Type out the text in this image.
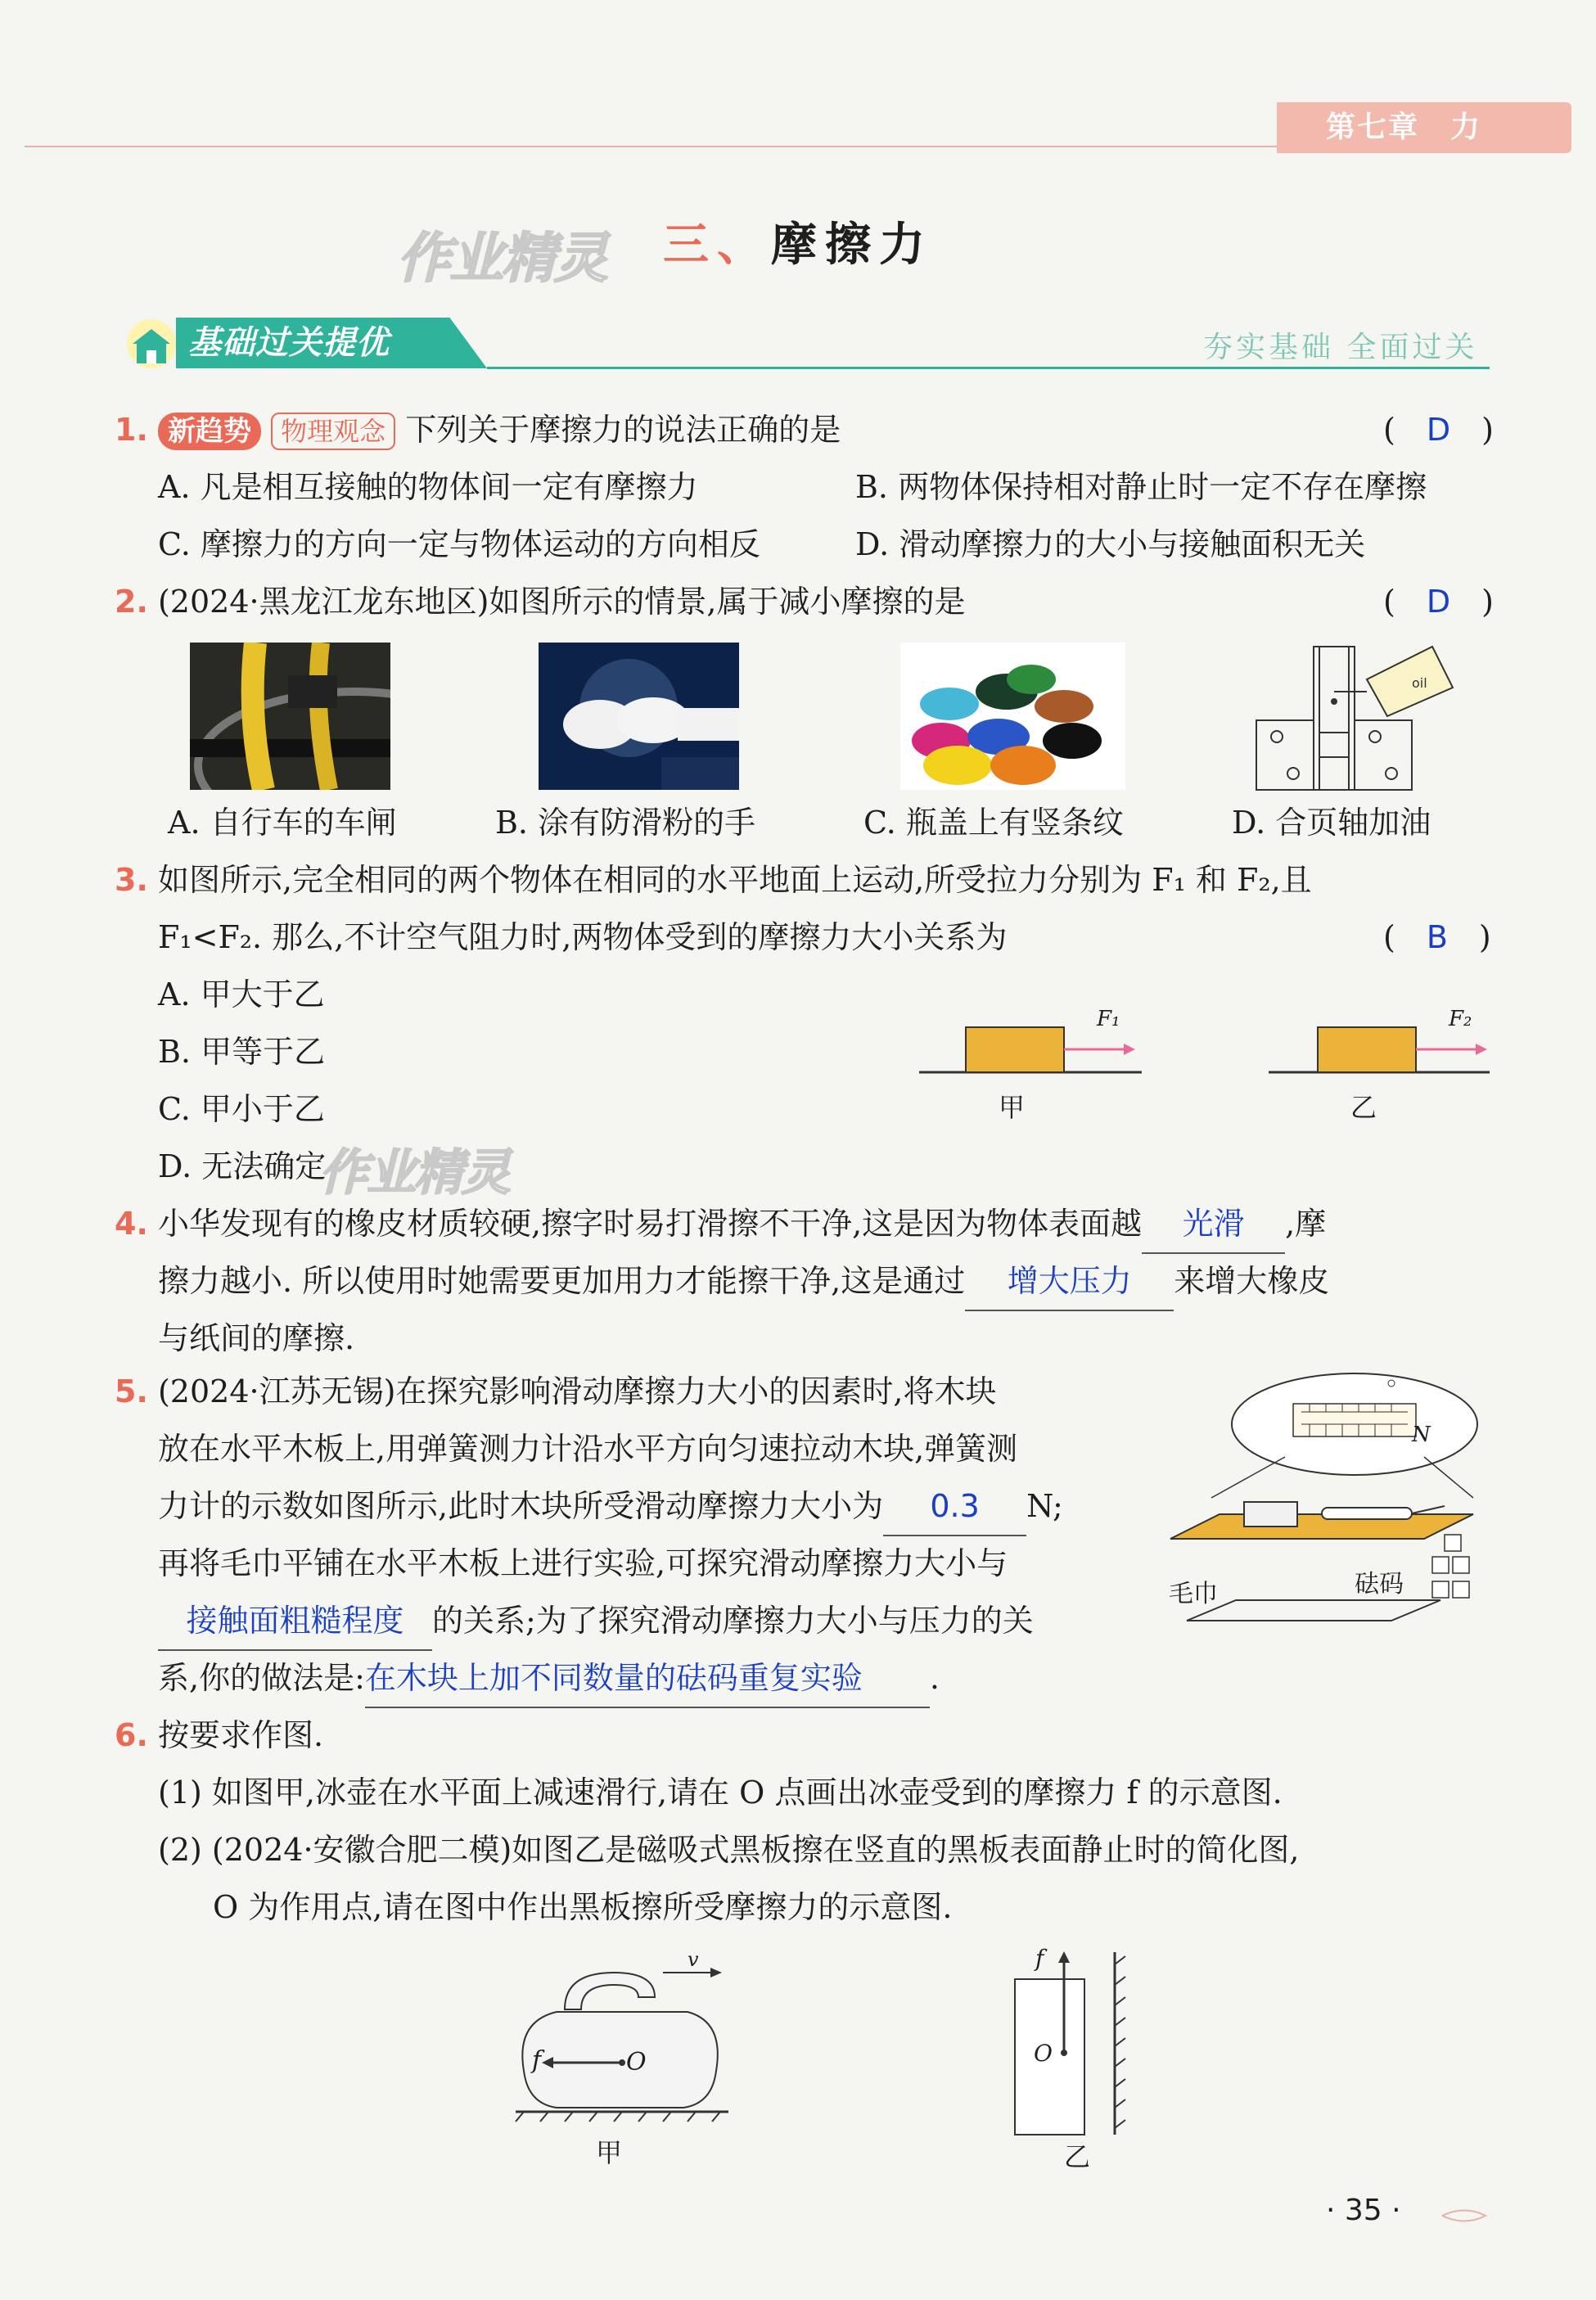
第七章　力
作业精灵	三、摩擦力
基础过关提优	夯实基础 全面过关
1. 新趋势 物理观念 下列关于摩擦力的说法正确的是	(　D　)
A. 凡是相互接触的物体间一定有摩擦力	B. 两物体保持相对静止时一定不存在摩擦
C. 摩擦力的方向一定与物体运动的方向相反	D. 滑动摩擦力的大小与接触面积无关
2. (2024·黑龙江龙东地区)如图所示的情景,属于减小摩擦的是	(　D　)
oil
A. 自行车的车闸	B. 涂有防滑粉的手	C. 瓶盖上有竖条纹	D. 合页轴加油
3. 如图所示,完全相同的两个物体在相同的水平地面上运动,所受拉力分别为 F₁ 和 F₂,且
F₁<F₂. 那么,不计空气阻力时,两物体受到的摩擦力大小关系为	(　B　)
A. 甲大于乙
B. 甲等于乙
C. 甲小于乙
D. 无法确定
作业精灵
F₁	F₂
甲	乙
4. 小华发现有的橡皮材质较硬,擦字时易打滑擦不干净,这是因为物体表面越 光滑 ,摩
擦力越小. 所以使用时她需要更加用力才能擦干净,这是通过 增大压力 来增大橡皮
与纸间的摩擦.
5. (2024·江苏无锡)在探究影响滑动摩擦力大小的因素时,将木块
放在水平木板上,用弹簧测力计沿水平方向匀速拉动木块,弹簧测
力计的示数如图所示,此时木块所受滑动摩擦力大小为 0.3 N;
再将毛巾平铺在水平木板上进行实验,可探究滑动摩擦力大小与
接触面粗糙程度 的关系;为了探究滑动摩擦力大小与压力的关
系,你的做法是:在木块上加不同数量的砝码重复实验 .
N
毛巾	砝码
6. 按要求作图.
(1) 如图甲,冰壶在水平面上减速滑行,请在 O 点画出冰壶受到的摩擦力 f 的示意图.
(2) (2024·安徽合肥二模)如图乙是磁吸式黑板擦在竖直的黑板表面静止时的简化图,
O 为作用点,请在图中作出黑板擦所受摩擦力的示意图.
v
f	O
甲
f
O
乙
· 35 ·
